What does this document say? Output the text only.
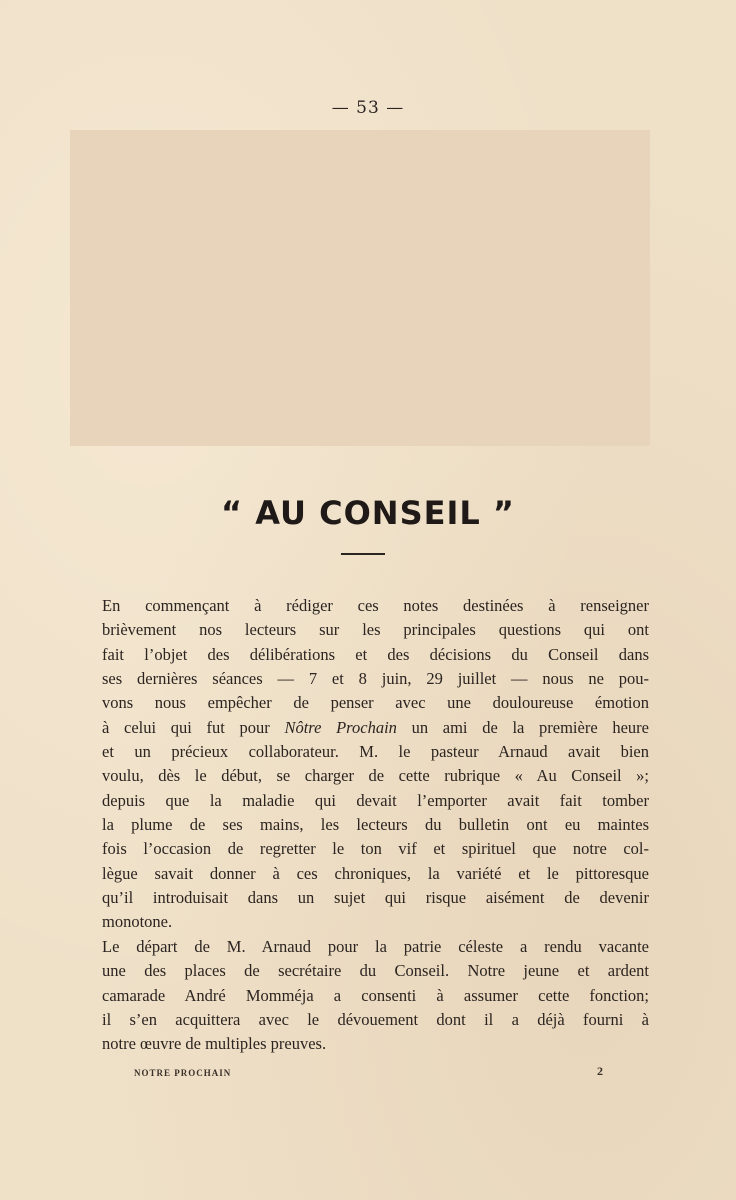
— 53 —
“ AU CONSEIL ”

En commençant à rédiger ces notes destinées à renseigner
brièvement nos lecteurs sur les principales questions qui ont
fait l’objet des délibérations et des décisions du Conseil dans
ses dernières séances — 7 et 8 juin, 29 juillet — nous ne pou-
vons nous empêcher de penser avec une douloureuse émotion
à celui qui fut pour Nôtre Prochain un ami de la première heure
et un précieux collaborateur. M. le pasteur Arnaud avait bien
voulu, dès le début, se charger de cette rubrique « Au Conseil »;
depuis que la maladie qui devait l’emporter avait fait tomber
la plume de ses mains, les lecteurs du bulletin ont eu maintes
fois l’occasion de regretter le ton vif et spirituel que notre col-
lègue savait donner à ces chroniques, la variété et le pittoresque
qu’il introduisait dans un sujet qui risque aisément de devenir
monotone.

Le départ de M. Arnaud pour la patrie céleste a rendu vacante
une des places de secrétaire du Conseil. Notre jeune et ardent
camarade André Momméja a consenti à assumer cette fonction;
il s’en acquittera avec le dévouement dont il a déjà fourni à
notre œuvre de multiples preuves.

NOTRE PROCHAIN	2
